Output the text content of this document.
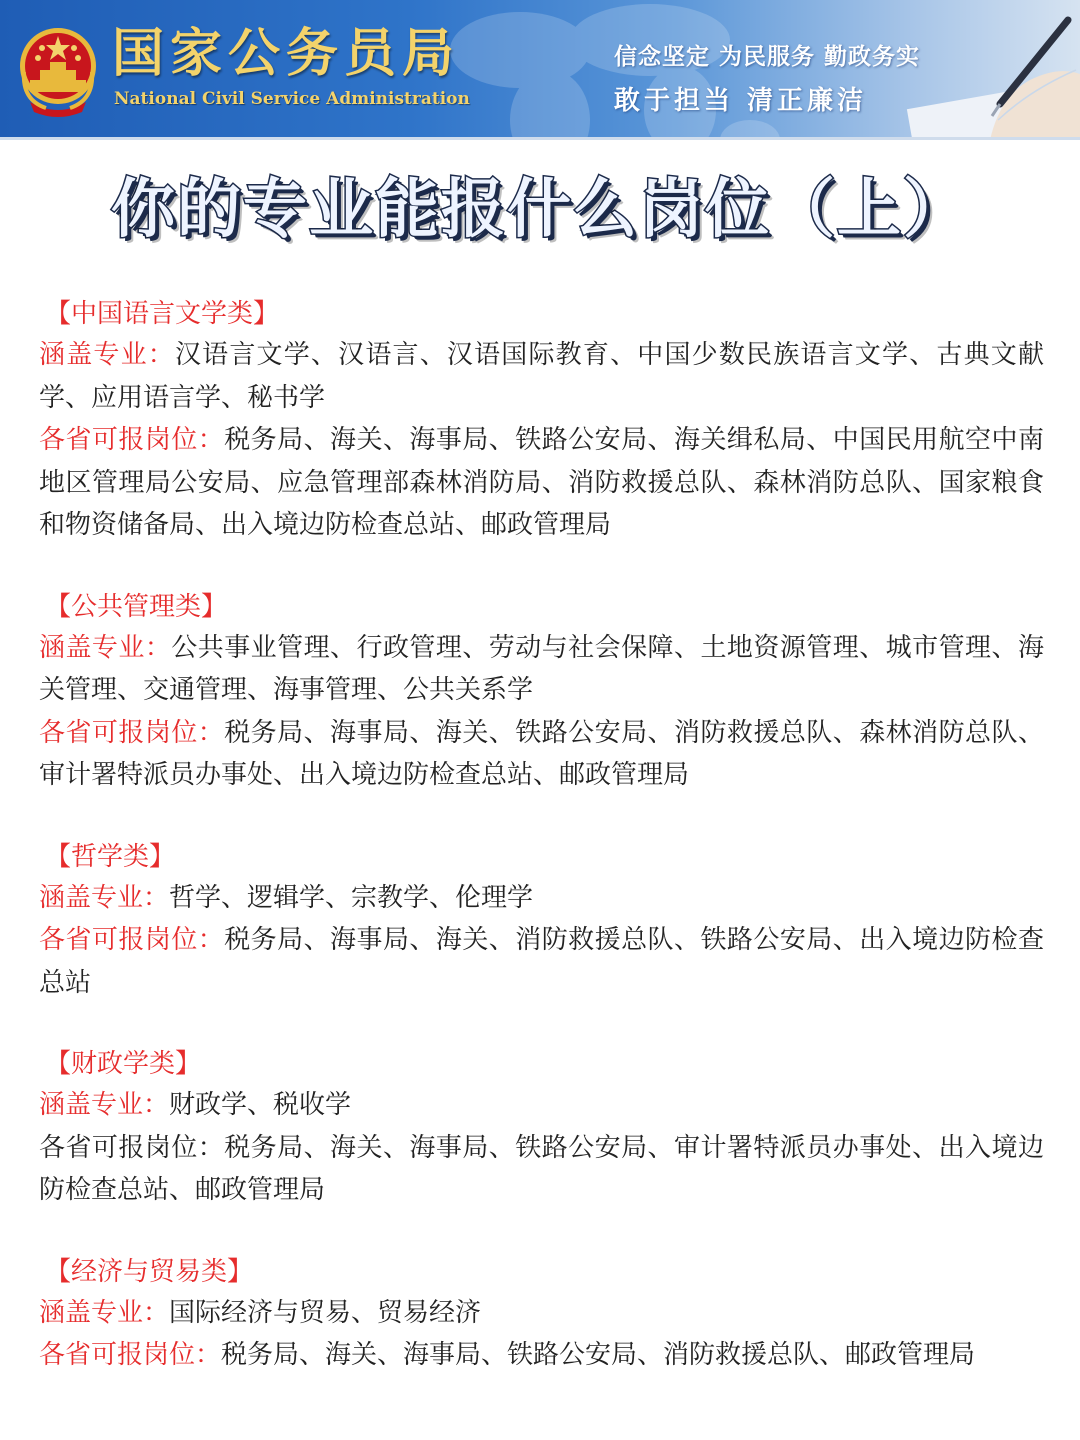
国家公务员局
National Civil Service Administration
信念坚定 为民服务 勤政务实
敢于担当 清正廉洁
你的专业能报什么岗位（上）
【中国语言文学类】

涵盖专业：汉语言文学、汉语言、汉语国际教育、中国少数民族语言文学、古典文献学、应用语言学、秘书学

各省可报岗位：税务局、海关、海事局、铁路公安局、海关缉私局、中国民用航空中南地区管理局公安局、应急管理部森林消防局、消防救援总队、森林消防总队、国家粮食和物资储备局、出入境边防检查总站、邮政管理局

【公共管理类】

涵盖专业：公共事业管理、行政管理、劳动与社会保障、土地资源管理、城市管理、海关管理、交通管理、海事管理、公共关系学

各省可报岗位：税务局、海事局、海关、铁路公安局、消防救援总队、森林消防总队、审计署特派员办事处、出入境边防检查总站、邮政管理局

【哲学类】

涵盖专业：哲学、逻辑学、宗教学、伦理学

各省可报岗位：税务局、海事局、海关、消防救援总队、铁路公安局、出入境边防检查总站

【财政学类】

涵盖专业：财政学、税收学

各省可报岗位：税务局、海关、海事局、铁路公安局、审计署特派员办事处、出入境边防检查总站、邮政管理局

【经济与贸易类】

涵盖专业：国际经济与贸易、贸易经济

各省可报岗位：税务局、海关、海事局、铁路公安局、消防救援总队、邮政管理局
